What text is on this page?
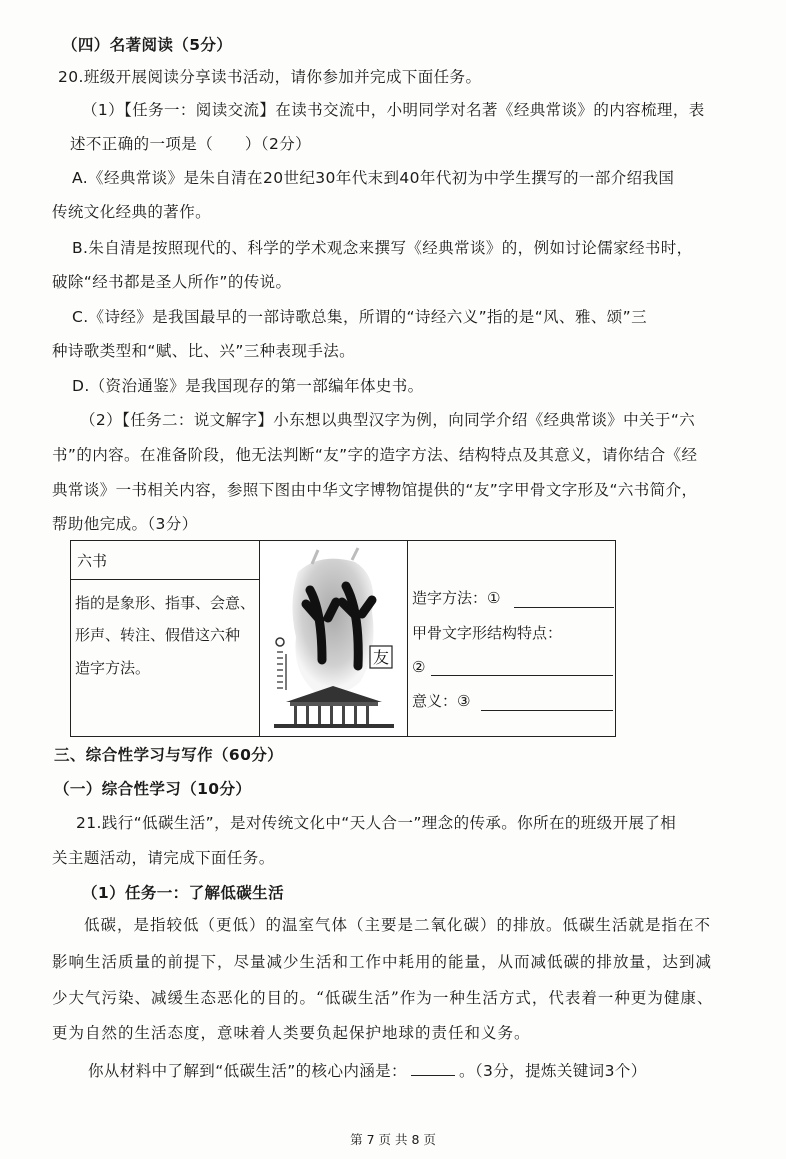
（四）名著阅读（5分）
20.班级开展阅读分享读书活动，请你参加并完成下面任务。
（1）【任务一：阅读交流】在读书交流中，小明同学对名著《经典常谈》的内容梳理，表
述不正确的一项是（　　）（2分）
A.《经典常谈》是朱自清在20世纪30年代末到40年代初为中学生撰写的一部介绍我国
传统文化经典的著作。
B.朱自清是按照现代的、科学的学术观念来撰写《经典常谈》的，例如讨论儒家经书时，
破除“经书都是圣人所作”的传说。
C.《诗经》是我国最早的一部诗歌总集，所谓的“诗经六义”指的是“风、雅、颂”三
种诗歌类型和“赋、比、兴”三种表现手法。
D.（资治通鉴》是我国现存的第一部编年体史书。
（2）【任务二：说文解字】小东想以典型汉字为例，向同学介绍《经典常谈》中关于“六
书”的内容。在准备阶段，他无法判断“友”字的造字方法、结构特点及其意义，请你结合《经
典常谈》一书相关内容，参照下图由中华文字博物馆提供的“友”字甲骨文字形及“六书简介，
帮助他完成。（3分）
六书
指的是象形、指事、会意、
形声、转注、假借这六种
造字方法。
友
造字方法：①
甲骨文字形结构特点：
②
意义：③
三、综合性学习与写作（60分）
（一）综合性学习（10分）
21.践行“低碳生活”，是对传统文化中“天人合一”理念的传承。你所在的班级开展了相
关主题活动，请完成下面任务。
（1）任务一：了解低碳生活
低碳，是指较低（更低）的温室气体（主要是二氧化碳）的排放。低碳生活就是指在不
影响生活质量的前提下，尽量减少生活和工作中耗用的能量，从而减低碳的排放量，达到减
少大气污染、减缓生态恶化的目的。“低碳生活”作为一种生活方式，代表着一种更为健康、
更为自然的生活态度，意味着人类要负起保护地球的责任和义务。
你从材料中了解到“低碳生活”的核心内涵是：	。（3分，提炼关键词3个）
第 7 页 共 8 页
